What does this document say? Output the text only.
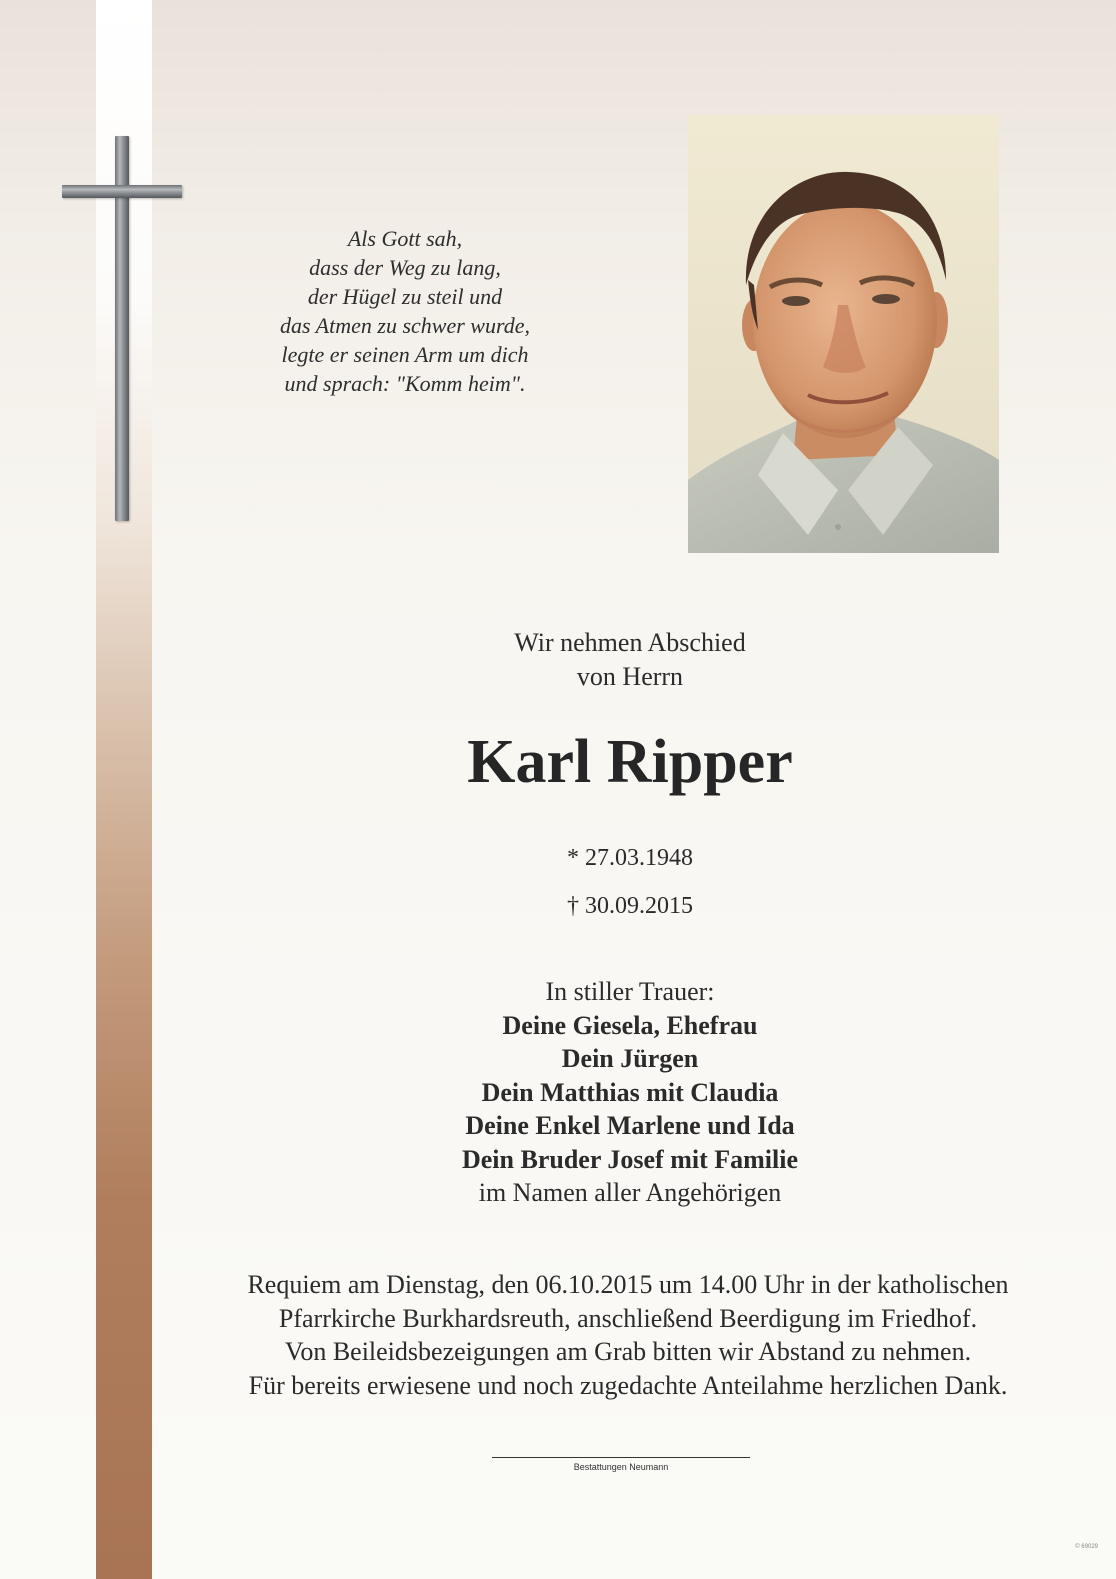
Als Gott sah,
dass der Weg zu lang,
der Hügel zu steil und
das Atmen zu schwer wurde,
legte er seinen Arm um dich
und sprach: "Komm heim".
Wir nehmen Abschied
von Herrn
Karl Ripper
* 27.03.1948
† 30.09.2015
In stiller Trauer:
Deine Giesela, Ehefrau
Dein Jürgen
Dein Matthias mit Claudia
Deine Enkel Marlene und Ida
Dein Bruder Josef mit Familie
im Namen aller Angehörigen
Requiem am Dienstag, den 06.10.2015 um 14.00 Uhr in der katholischen
Pfarrkirche Burkhardsreuth, anschließend Beerdigung im Friedhof.
Von Beileidsbezeigungen am Grab bitten wir Abstand zu nehmen.
Für bereits erwiesene und noch zugedachte Anteilahme herzlichen Dank.
Bestattungen Neumann
© 69029
